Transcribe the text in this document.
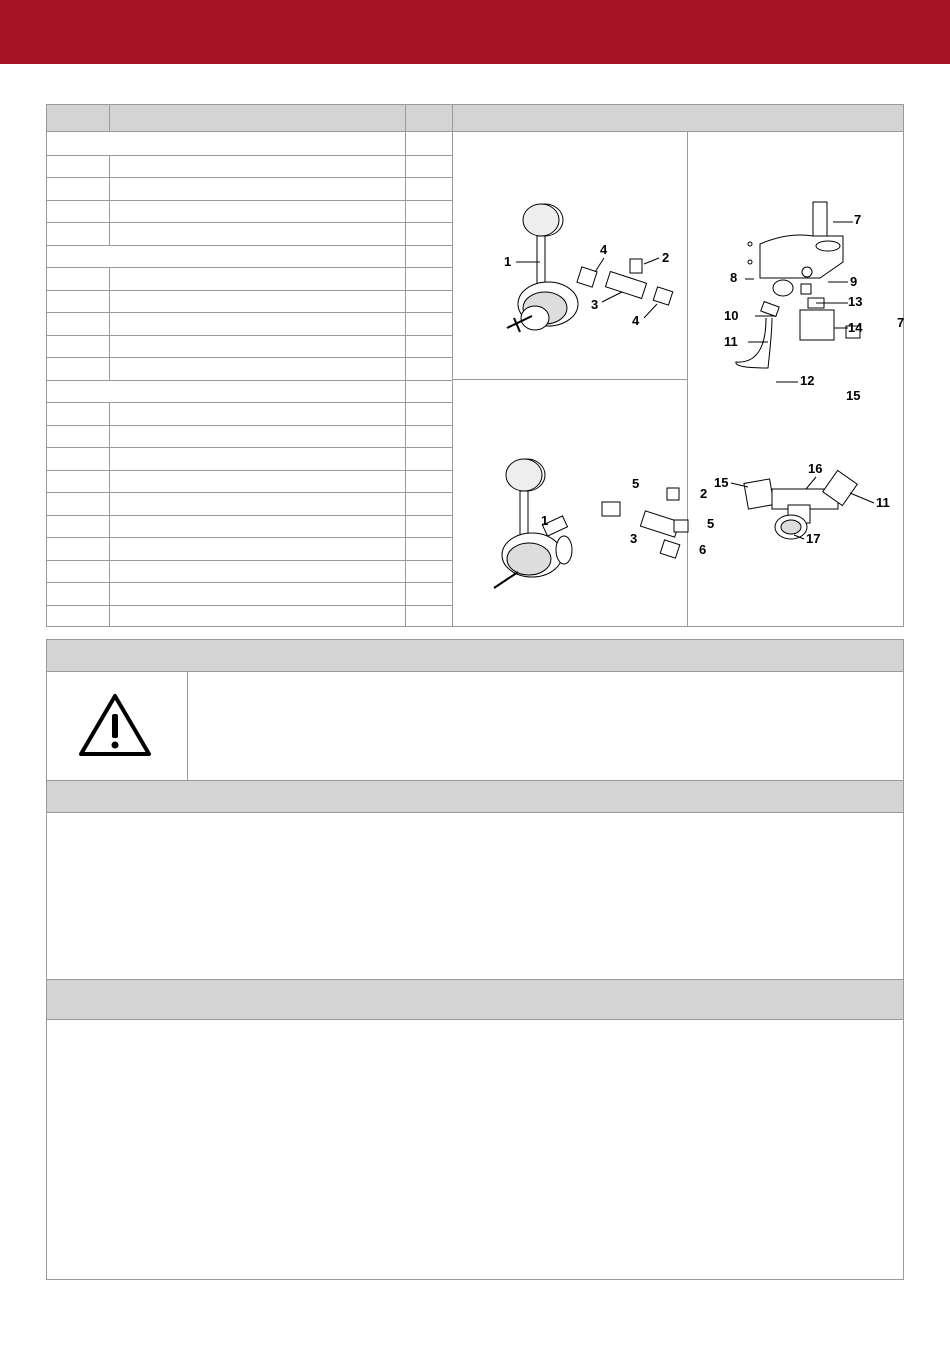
1
4
2
3
4
1
5
2
3
5
6
7
7
8	9
13
10
14
11
15
12
15
16
11
17
